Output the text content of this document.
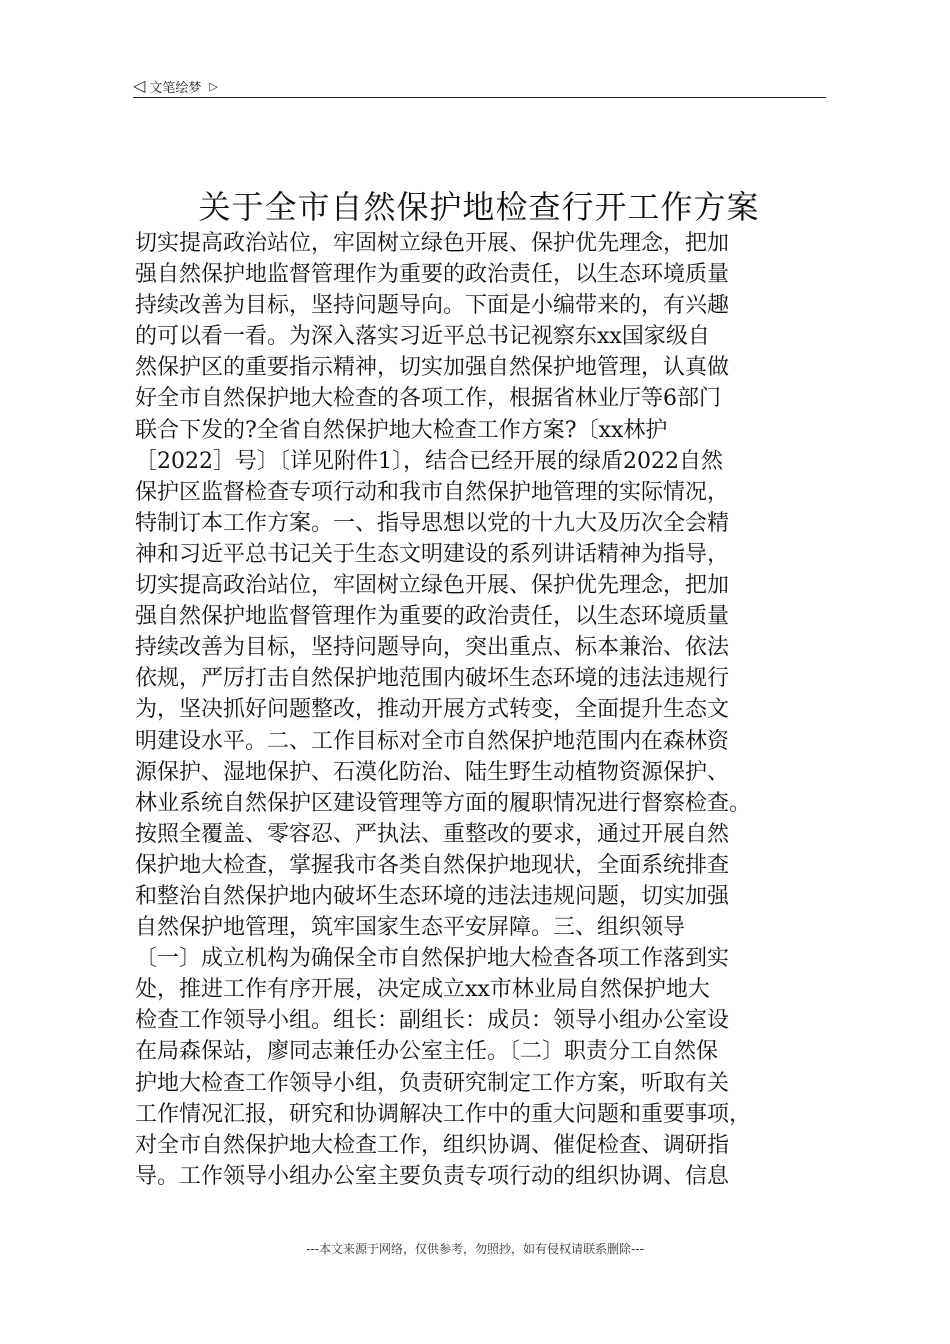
◁ 文笔绘梦 ▷
关于全市自然保护地检查行开工作方案
切实提高政治站位，牢固树立绿色开展、保护优先理念，把加
强自然保护地监督管理作为重要的政治责任，以生态环境质量
持续改善为目标，坚持问题导向。下面是小编带来的，有兴趣
的可以看一看。为深入落实习近平总书记视察东xx国家级自
然保护区的重要指示精神，切实加强自然保护地管理，认真做
好全市自然保护地大检查的各项工作，根据省林业厅等6部门
联合下发的?全省自然保护地大检查工作方案?〔xx林护
［2022］号〕〔详见附件1〕，结合已经开展的绿盾2022自然
保护区监督检查专项行动和我市自然保护地管理的实际情况，
特制订本工作方案。一、指导思想以党的十九大及历次全会精
神和习近平总书记关于生态文明建设的系列讲话精神为指导，
切实提高政治站位，牢固树立绿色开展、保护优先理念，把加
强自然保护地监督管理作为重要的政治责任，以生态环境质量
持续改善为目标，坚持问题导向，突出重点、标本兼治、依法
依规，严厉打击自然保护地范围内破坏生态环境的违法违规行
为，坚决抓好问题整改，推动开展方式转变，全面提升生态文
明建设水平。二、工作目标对全市自然保护地范围内在森林资
源保护、湿地保护、石漠化防治、陆生野生动植物资源保护、
林业系统自然保护区建设管理等方面的履职情况进行督察检查。
按照全覆盖、零容忍、严执法、重整改的要求，通过开展自然
保护地大检查，掌握我市各类自然保护地现状，全面系统排查
和整治自然保护地内破坏生态环境的违法违规问题，切实加强
自然保护地管理，筑牢国家生态平安屏障。三、组织领导
〔一〕成立机构为确保全市自然保护地大检查各项工作落到实
处，推进工作有序开展，决定成立xx市林业局自然保护地大
检查工作领导小组。组长：副组长：成员：领导小组办公室设
在局森保站，廖同志兼任办公室主任。〔二〕职责分工自然保
护地大检查工作领导小组，负责研究制定工作方案，听取有关
工作情况汇报，研究和协调解决工作中的重大问题和重要事项，
对全市自然保护地大检查工作，组织协调、催促检查、调研指
导。工作领导小组办公室主要负责专项行动的组织协调、信息
---本文来源于网络，仅供参考，勿照抄，如有侵权请联系删除---
